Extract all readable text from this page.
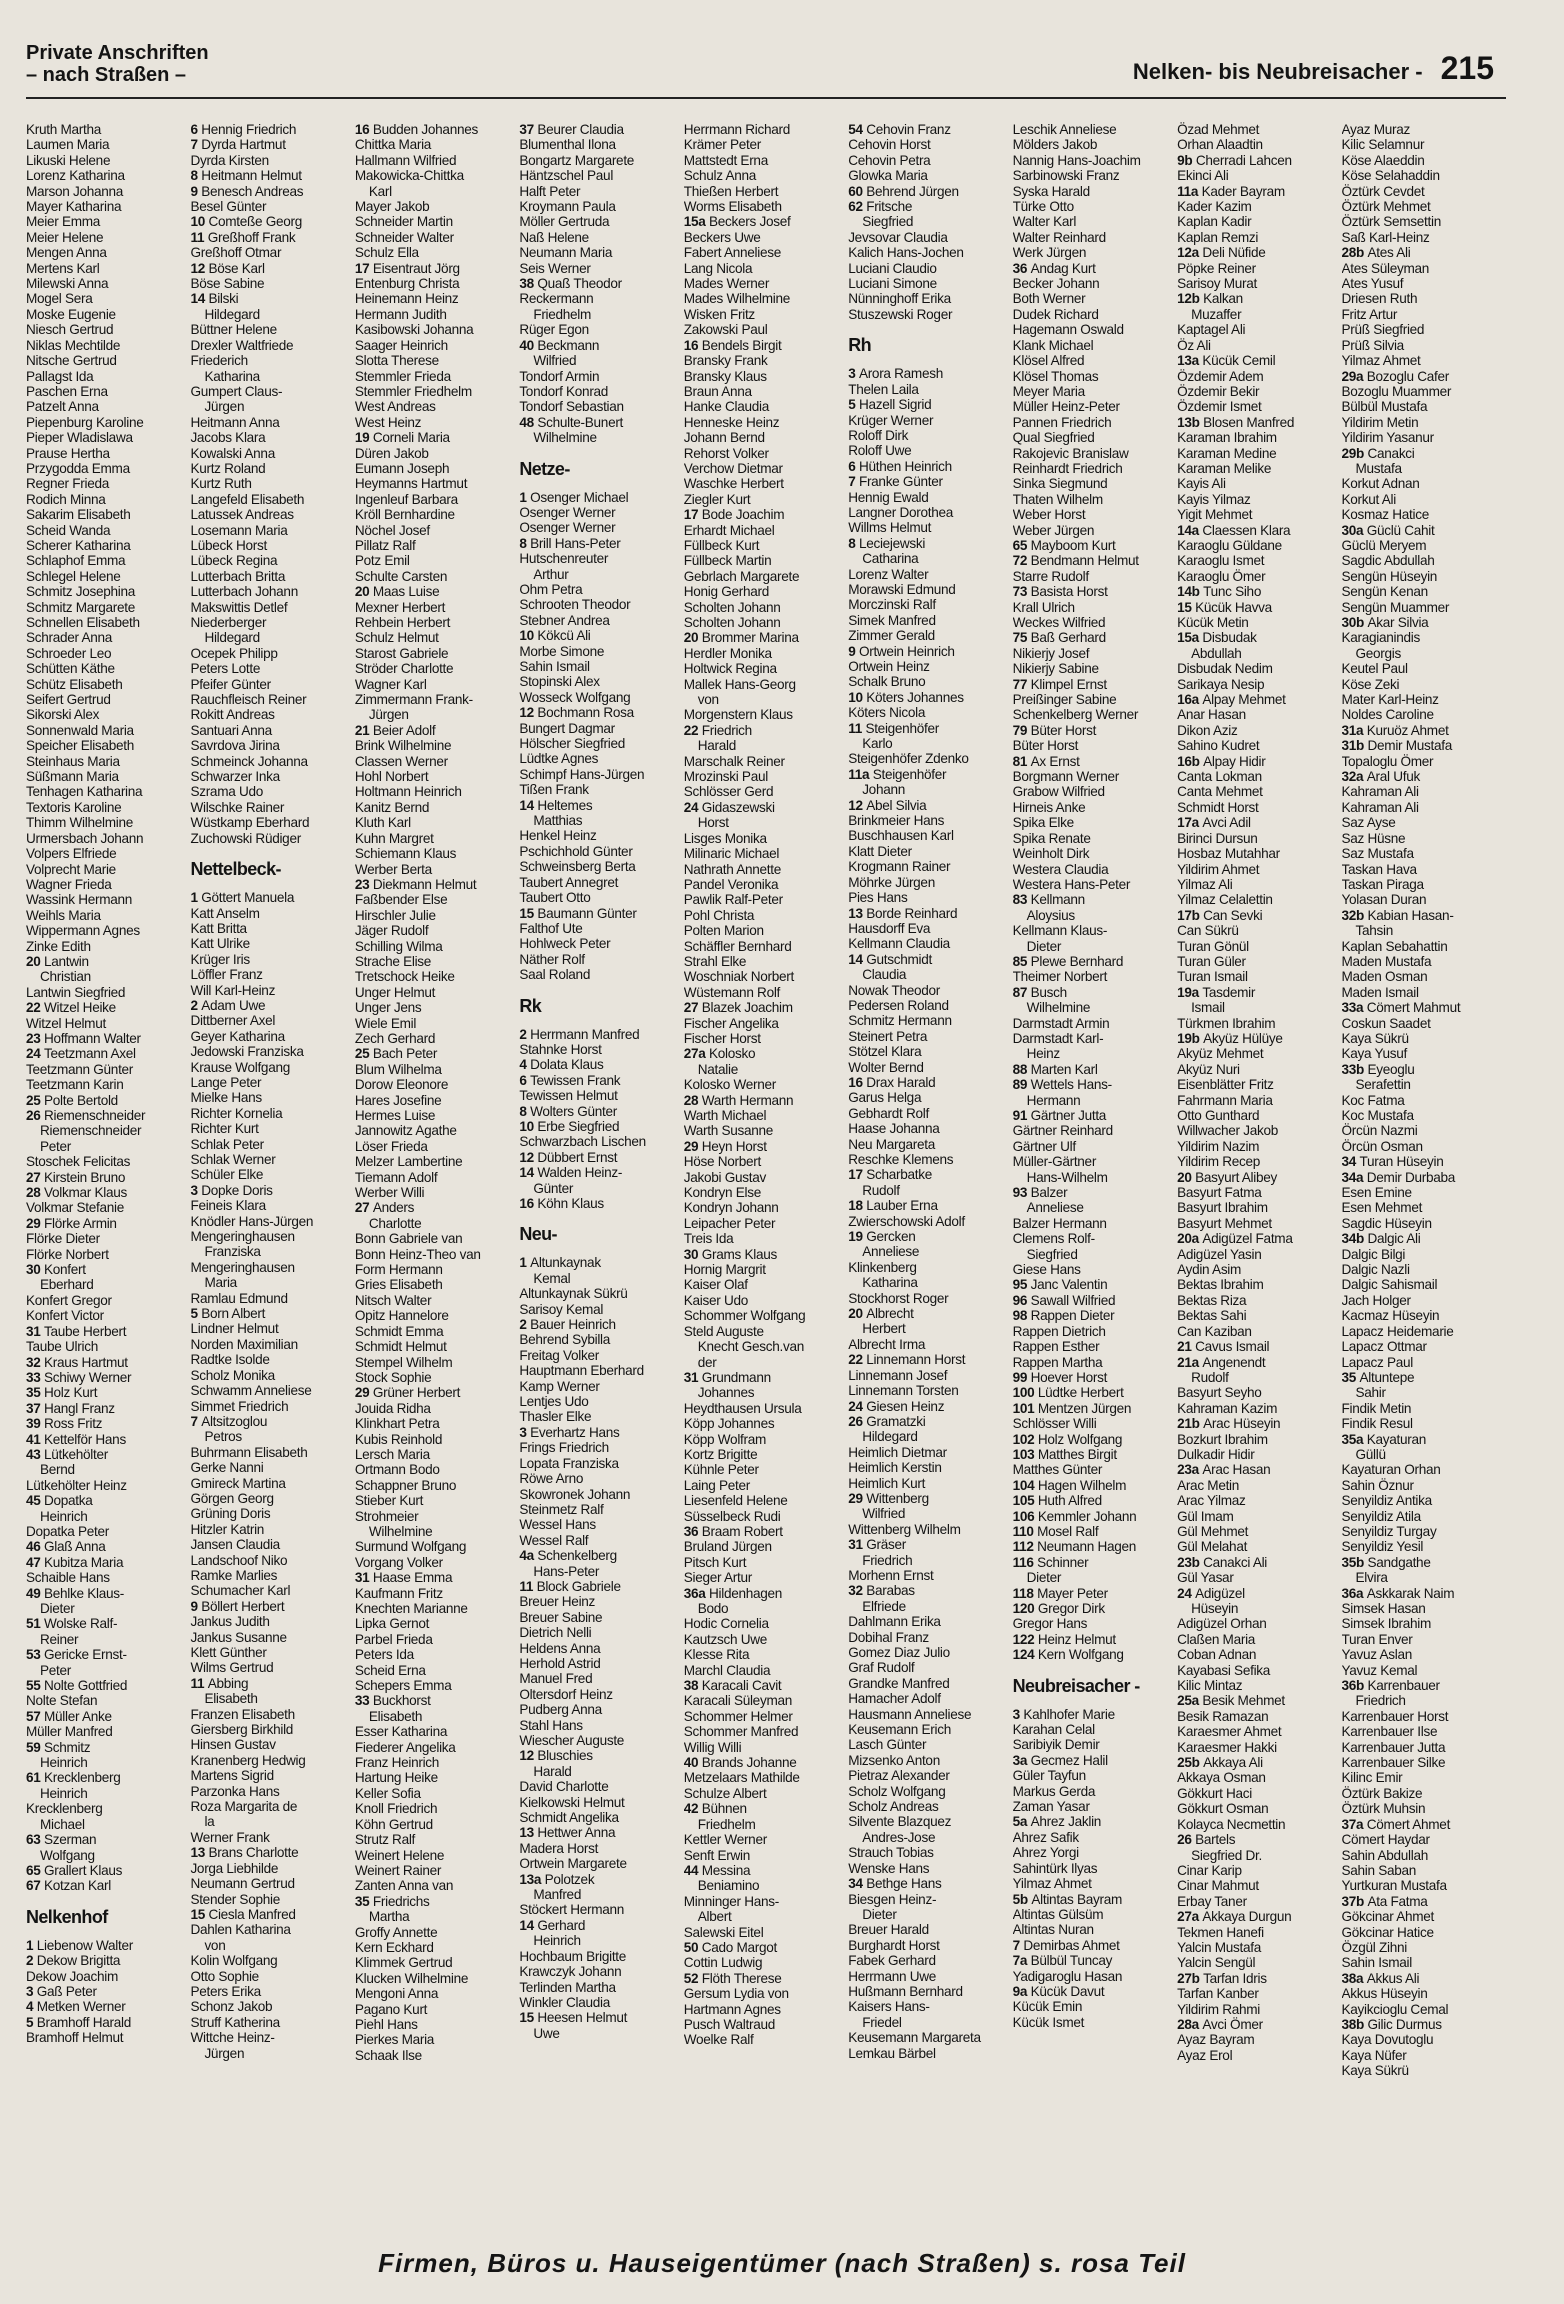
Private Anschriften
– nach Straßen –	Nelken- bis Neubreisacher - 215
Kruth Martha
Laumen Maria
Likuski Helene
Lorenz Katharina
Marson Johanna
Mayer Katharina
Meier Emma
Meier Helene
Mengen Anna
Mertens Karl
Milewski Anna
Mogel Sera
Moske Eugenie
Niesch Gertrud
Niklas Mechtilde
Nitsche Gertrud
Pallagst Ida
Paschen Erna
Patzelt Anna
Piepenburg Karoline
Pieper Wladislawa
Prause Hertha
Przygodda Emma
Regner Frieda
Rodich Minna
Sakarim Elisabeth
Scheid Wanda
Scherer Katharina
Schlaphof Emma
Schlegel Helene
Schmitz Josephina
Schmitz Margarete
Schnellen Elisabeth
Schrader Anna
Schroeder Leo
Schütten Käthe
Schütz Elisabeth
Seifert Gertrud
Sikorski Alex
Sonnenwald Maria
Speicher Elisabeth
Steinhaus Maria
Süßmann Maria
Tenhagen Katharina
Textoris Karoline
Thimm Wilhelmine
Urmersbach Johann
Volpers Elfriede
Volprecht Marie
Wagner Frieda
Wassink Hermann
Weihls Maria
Wippermann Agnes
Zinke Edith
20 Lantwin
Christian
Lantwin Siegfried
22 Witzel Heike
Witzel Helmut
23 Hoffmann Walter
24 Teetzmann Axel
Teetzmann Günter
Teetzmann Karin
25 Polte Bertold
26 Riemenschneider
Riemenschneider
Peter
Stoschek Felicitas
27 Kirstein Bruno
28 Volkmar Klaus
Volkmar Stefanie
29 Flörke Armin
Flörke Dieter
Flörke Norbert
30 Konfert
Eberhard
Konfert Gregor
Konfert Victor
31 Taube Herbert
Taube Ulrich
32 Kraus Hartmut
33 Schiwy Werner
35 Holz Kurt
37 Hangl Franz
39 Ross Fritz
41 Kettelför Hans
43 Lütkehölter
Bernd
Lütkehölter Heinz
45 Dopatka
Heinrich
Dopatka Peter
46 Glaß Anna
47 Kubitza Maria
Schaible Hans
49 Behlke Klaus-
Dieter
51 Wolske Ralf-
Reiner
53 Gericke Ernst-
Peter
55 Nolte Gottfried
Nolte Stefan
57 Müller Anke
Müller Manfred
59 Schmitz
Heinrich
61 Krecklenberg
Heinrich
Krecklenberg
Michael
63 Szerman
Wolfgang
65 Grallert Klaus
67 Kotzan Karl
Nelkenhof
1 Liebenow Walter
2 Dekow Brigitta
Dekow Joachim
3 Gaß Peter
4 Metken Werner
5 Bramhoff Harald
Bramhoff Helmut
6 Hennig Friedrich
7 Dyrda Hartmut
Dyrda Kirsten
8 Heitmann Helmut
9 Benesch Andreas
Besel Günter
10 Comteße Georg
11 Greßhoff Frank
Greßhoff Otmar
12 Böse Karl
Böse Sabine
14 Bilski
Hildegard
Büttner Helene
Drexler Waltfriede
Friederich
Katharina
Gumpert Claus-
Jürgen
Heitmann Anna
Jacobs Klara
Kowalski Anna
Kurtz Roland
Kurtz Ruth
Langefeld Elisabeth
Latussek Andreas
Losemann Maria
Lübeck Horst
Lübeck Regina
Lutterbach Britta
Lutterbach Johann
Makswittis Detlef
Niederberger
Hildegard
Ocepek Philipp
Peters Lotte
Pfeifer Günter
Rauchfleisch Reiner
Rokitt Andreas
Santuari Anna
Savrdova Jirina
Schmeinck Johanna
Schwarzer Inka
Szrama Udo
Wilschke Rainer
Wüstkamp Eberhard
Zuchowski Rüdiger
Nettelbeck-
1 Göttert Manuela
Katt Anselm
Katt Britta
Katt Ulrike
Krüger Iris
Löffler Franz
Will Karl-Heinz
2 Adam Uwe
Dittberner Axel
Geyer Katharina
Jedowski Franziska
Krause Wolfgang
Lange Peter
Mielke Hans
Richter Kornelia
Richter Kurt
Schlak Peter
Schlak Werner
Schüler Elke
3 Dopke Doris
Feineis Klara
Knödler Hans-Jürgen
Mengeringhausen
Franziska
Mengeringhausen
Maria
Ramlau Edmund
5 Born Albert
Lindner Helmut
Norden Maximilian
Radtke Isolde
Scholz Monika
Schwamm Anneliese
Simmet Friedrich
7 Altsitzoglou
Petros
Buhrmann Elisabeth
Gerke Nanni
Gmireck Martina
Görgen Georg
Grüning Doris
Hitzler Katrin
Jansen Claudia
Landschoof Niko
Ramke Marlies
Schumacher Karl
9 Böllert Herbert
Jankus Judith
Jankus Susanne
Klett Günther
Wilms Gertrud
11 Abbing
Elisabeth
Franzen Elisabeth
Giersberg Birkhild
Hinsen Gustav
Kranenberg Hedwig
Martens Sigrid
Parzonka Hans
Roza Margarita de
la
Werner Frank
13 Brans Charlotte
Jorga Liebhilde
Neumann Gertrud
Stender Sophie
15 Ciesla Manfred
Dahlen Katharina
von
Kolin Wolfgang
Otto Sophie
Peters Erika
Schonz Jakob
Struff Katherina
Wittche Heinz-
Jürgen
16 Budden Johannes
Chittka Maria
Hallmann Wilfried
Makowicka-Chittka
Karl
Mayer Jakob
Schneider Martin
Schneider Walter
Schulz Ella
17 Eisentraut Jörg
Entenburg Christa
Heinemann Heinz
Hermann Judith
Kasibowski Johanna
Saager Heinrich
Slotta Therese
Stemmler Frieda
Stemmler Friedhelm
West Andreas
West Heinz
19 Corneli Maria
Düren Jakob
Eumann Joseph
Heymanns Hartmut
Ingenleuf Barbara
Kröll Bernhardine
Nöchel Josef
Pillatz Ralf
Potz Emil
Schulte Carsten
20 Maas Luise
Mexner Herbert
Rehbein Herbert
Schulz Helmut
Starost Gabriele
Ströder Charlotte
Wagner Karl
Zimmermann Frank-
Jürgen
21 Beier Adolf
Brink Wilhelmine
Classen Werner
Hohl Norbert
Holtmann Heinrich
Kanitz Bernd
Kluth Karl
Kuhn Margret
Schiemann Klaus
Werber Berta
23 Diekmann Helmut
Faßbender Else
Hirschler Julie
Jäger Rudolf
Schilling Wilma
Strache Elise
Tretschock Heike
Unger Helmut
Unger Jens
Wiele Emil
Zech Gerhard
25 Bach Peter
Blum Wilhelma
Dorow Eleonore
Hares Josefine
Hermes Luise
Jannowitz Agathe
Löser Frieda
Melzer Lambertine
Tiemann Adolf
Werber Willi
27 Anders
Charlotte
Bonn Gabriele van
Bonn Heinz-Theo van
Form Hermann
Gries Elisabeth
Nitsch Walter
Opitz Hannelore
Schmidt Emma
Schmidt Helmut
Stempel Wilhelm
Stock Sophie
29 Grüner Herbert
Jouida Ridha
Klinkhart Petra
Kubis Reinhold
Lersch Maria
Ortmann Bodo
Schappner Bruno
Stieber Kurt
Strohmeier
Wilhelmine
Surmund Wolfgang
Vorgang Volker
31 Haase Emma
Kaufmann Fritz
Knechten Marianne
Lipka Gernot
Parbel Frieda
Peters Ida
Scheid Erna
Schepers Emma
33 Buckhorst
Elisabeth
Esser Katharina
Fiederer Angelika
Franz Heinrich
Hartung Heike
Keller Sofia
Knoll Friedrich
Köhn Gertrud
Strutz Ralf
Weinert Helene
Weinert Rainer
Zanten Anna van
35 Friedrichs
Martha
Groffy Annette
Kern Eckhard
Klimmek Gertrud
Klucken Wilhelmine
Mengoni Anna
Pagano Kurt
Piehl Hans
Pierkes Maria
Schaak Ilse
37 Beurer Claudia
Blumenthal Ilona
Bongartz Margarete
Häntzschel Paul
Halft Peter
Kroymann Paula
Möller Gertruda
Naß Helene
Neumann Maria
Seis Werner
38 Quaß Theodor
Reckermann
Friedhelm
Rüger Egon
40 Beckmann
Wilfried
Tondorf Armin
Tondorf Konrad
Tondorf Sebastian
48 Schulte-Bunert
Wilhelmine
Netze-
1 Osenger Michael
Osenger Werner
Osenger Werner
8 Brill Hans-Peter
Hutschenreuter
Arthur
Ohm Petra
Schrooten Theodor
Stebner Andrea
10 Kökcü Ali
Morbe Simone
Sahin Ismail
Stopinski Alex
Wosseck Wolfgang
12 Bochmann Rosa
Bungert Dagmar
Hölscher Siegfried
Lüdtke Agnes
Schimpf Hans-Jürgen
Tißen Frank
14 Heltemes
Matthias
Henkel Heinz
Pschichhold Günter
Schweinsberg Berta
Taubert Annegret
Taubert Otto
15 Baumann Günter
Falthof Ute
Hohlweck Peter
Näther Rolf
Saal Roland
Rk
2 Herrmann Manfred
Stahnke Horst
4 Dolata Klaus
6 Tewissen Frank
Tewissen Helmut
8 Wolters Günter
10 Erbe Siegfried
Schwarzbach Lischen
12 Dübbert Ernst
14 Walden Heinz-
Günter
16 Köhn Klaus
Neu-
1 Altunkaynak
Kemal
Altunkaynak Sükrü
Sarisoy Kemal
2 Bauer Heinrich
Behrend Sybilla
Freitag Volker
Hauptmann Eberhard
Kamp Werner
Lentjes Udo
Thasler Elke
3 Everhartz Hans
Frings Friedrich
Lopata Franziska
Röwe Arno
Skowronek Johann
Steinmetz Ralf
Wessel Hans
Wessel Ralf
4a Schenkelberg
Hans-Peter
11 Block Gabriele
Breuer Heinz
Breuer Sabine
Dietrich Nelli
Heldens Anna
Herhold Astrid
Manuel Fred
Oltersdorf Heinz
Pudberg Anna
Stahl Hans
Wiescher Auguste
12 Bluschies
Harald
David Charlotte
Kielkowski Helmut
Schmidt Angelika
13 Hettwer Anna
Madera Horst
Ortwein Margarete
13a Polotzek
Manfred
Stöckert Hermann
14 Gerhard
Heinrich
Hochbaum Brigitte
Krawczyk Johann
Terlinden Martha
Winkler Claudia
15 Heesen Helmut
Uwe
Herrmann Richard
Krämer Peter
Mattstedt Erna
Schulz Anna
Thießen Herbert
Worms Elisabeth
15a Beckers Josef
Beckers Uwe
Fabert Anneliese
Lang Nicola
Mades Werner
Mades Wilhelmine
Wisken Fritz
Zakowski Paul
16 Bendels Birgit
Bransky Frank
Bransky Klaus
Braun Anna
Hanke Claudia
Henneske Heinz
Johann Bernd
Rehorst Volker
Verchow Dietmar
Waschke Herbert
Ziegler Kurt
17 Bode Joachim
Erhardt Michael
Füllbeck Kurt
Füllbeck Martin
Gebrlach Margarete
Honig Gerhard
Scholten Johann
Scholten Johann
20 Brommer Marina
Herdler Monika
Holtwick Regina
Mallek Hans-Georg
von
Morgenstern Klaus
22 Friedrich
Harald
Marschalk Reiner
Mrozinski Paul
Schlösser Gerd
24 Gidaszewski
Horst
Lisges Monika
Milinaric Michael
Nathrath Annette
Pandel Veronika
Pawlik Ralf-Peter
Pohl Christa
Polten Marion
Schäffler Bernhard
Strahl Elke
Woschniak Norbert
Wüstemann Rolf
27 Blazek Joachim
Fischer Angelika
Fischer Horst
27a Kolosko
Natalie
Kolosko Werner
28 Warth Hermann
Warth Michael
Warth Susanne
29 Heyn Horst
Höse Norbert
Jakobi Gustav
Kondryn Else
Kondryn Johann
Leipacher Peter
Treis Ida
30 Grams Klaus
Hornig Margrit
Kaiser Olaf
Kaiser Udo
Schommer Wolfgang
Steld Auguste
Knecht Gesch.van
der
31 Grundmann
Johannes
Heydthausen Ursula
Köpp Johannes
Köpp Wolfram
Kortz Brigitte
Kühnle Peter
Laing Peter
Liesenfeld Helene
Süsselbeck Rudi
36 Braam Robert
Bruland Jürgen
Pitsch Kurt
Sieger Artur
36a Hildenhagen
Bodo
Hodic Cornelia
Kautzsch Uwe
Klesse Rita
Marchl Claudia
38 Karacali Cavit
Karacali Süleyman
Schommer Helmer
Schommer Manfred
Willig Willi
40 Brands Johanne
Metzelaars Mathilde
Schulze Albert
42 Bühnen
Friedhelm
Kettler Werner
Senft Erwin
44 Messina
Beniamino
Minninger Hans-
Albert
Salewski Eitel
50 Cado Margot
Cottin Ludwig
52 Flöth Therese
Gersum Lydia von
Hartmann Agnes
Pusch Waltraud
Woelke Ralf
54 Cehovin Franz
Cehovin Horst
Cehovin Petra
Glowka Maria
60 Behrend Jürgen
62 Fritsche
Siegfried
Jevsovar Claudia
Kalich Hans-Jochen
Luciani Claudio
Luciani Simone
Nünninghoff Erika
Stuszewski Roger
Rh
3 Arora Ramesh
Thelen Laila
5 Hazell Sigrid
Krüger Werner
Roloff Dirk
Roloff Uwe
6 Hüthen Heinrich
7 Franke Günter
Hennig Ewald
Langner Dorothea
Willms Helmut
8 Leciejewski
Catharina
Lorenz Walter
Morawski Edmund
Morczinski Ralf
Simek Manfred
Zimmer Gerald
9 Ortwein Heinrich
Ortwein Heinz
Schalk Bruno
10 Köters Johannes
Köters Nicola
11 Steigenhöfer
Karlo
Steigenhöfer Zdenko
11a Steigenhöfer
Johann
12 Abel Silvia
Brinkmeier Hans
Buschhausen Karl
Klatt Dieter
Krogmann Rainer
Möhrke Jürgen
Pies Hans
13 Borde Reinhard
Hausdorff Eva
Kellmann Claudia
14 Gutschmidt
Claudia
Nowak Theodor
Pedersen Roland
Schmitz Hermann
Steinert Petra
Stötzel Klara
Wolter Bernd
16 Drax Harald
Garus Helga
Gebhardt Rolf
Haase Johanna
Neu Margareta
Reschke Klemens
17 Scharbatke
Rudolf
18 Lauber Erna
Zwierschowski Adolf
19 Gercken
Anneliese
Klinkenberg
Katharina
Stockhorst Roger
20 Albrecht
Herbert
Albrecht Irma
22 Linnemann Horst
Linnemann Josef
Linnemann Torsten
24 Giesen Heinz
26 Gramatzki
Hildegard
Heimlich Dietmar
Heimlich Kerstin
Heimlich Kurt
29 Wittenberg
Wilfried
Wittenberg Wilhelm
31 Gräser
Friedrich
Morhenn Ernst
32 Barabas
Elfriede
Dahlmann Erika
Dobihal Franz
Gomez Diaz Julio
Graf Rudolf
Grandke Manfred
Hamacher Adolf
Hausmann Anneliese
Keusemann Erich
Lasch Günter
Mizsenko Anton
Pietraz Alexander
Scholz Wolfgang
Scholz Andreas
Silvente Blazquez
Andres-Jose
Strauch Tobias
Wenske Hans
34 Bethge Hans
Biesgen Heinz-
Dieter
Breuer Harald
Burghardt Horst
Fabek Gerhard
Herrmann Uwe
Hußmann Bernhard
Kaisers Hans-
Friedel
Keusemann Margareta
Lemkau Bärbel
Leschik Anneliese
Mölders Jakob
Nannig Hans-Joachim
Sarbinowski Franz
Syska Harald
Türke Otto
Walter Karl
Walter Reinhard
Werk Jürgen
36 Andag Kurt
Becker Johann
Both Werner
Dudek Richard
Hagemann Oswald
Klank Michael
Klösel Alfred
Klösel Thomas
Meyer Maria
Müller Heinz-Peter
Pannen Friedrich
Qual Siegfried
Rakojevic Branislaw
Reinhardt Friedrich
Sinka Siegmund
Thaten Wilhelm
Weber Horst
Weber Jürgen
65 Mayboom Kurt
72 Bendmann Helmut
Starre Rudolf
73 Basista Horst
Krall Ulrich
Weckes Wilfried
75 Baß Gerhard
Nikierjy Josef
Nikierjy Sabine
77 Klimpel Ernst
Preißinger Sabine
Schenkelberg Werner
79 Büter Horst
Büter Horst
81 Ax Ernst
Borgmann Werner
Grabow Wilfried
Hirneis Anke
Spika Elke
Spika Renate
Weinholt Dirk
Westera Claudia
Westera Hans-Peter
83 Kellmann
Aloysius
Kellmann Klaus-
Dieter
85 Plewe Bernhard
Theimer Norbert
87 Busch
Wilhelmine
Darmstadt Armin
Darmstadt Karl-
Heinz
88 Marten Karl
89 Wettels Hans-
Hermann
91 Gärtner Jutta
Gärtner Reinhard
Gärtner Ulf
Müller-Gärtner
Hans-Wilhelm
93 Balzer
Anneliese
Balzer Hermann
Clemens Rolf-
Siegfried
Giese Hans
95 Janc Valentin
96 Sawall Wilfried
98 Rappen Dieter
Rappen Dietrich
Rappen Esther
Rappen Martha
99 Hoever Horst
100 Lüdtke Herbert
101 Mentzen Jürgen
Schlösser Willi
102 Holz Wolfgang
103 Matthes Birgit
Matthes Günter
104 Hagen Wilhelm
105 Huth Alfred
106 Kemmler Johann
110 Mosel Ralf
112 Neumann Hagen
116 Schinner
Dieter
118 Mayer Peter
120 Gregor Dirk
Gregor Hans
122 Heinz Helmut
124 Kern Wolfgang
Neubreisacher -
3 Kahlhofer Marie
Karahan Celal
Saribiyik Demir
3a Gecmez Halil
Güler Tayfun
Markus Gerda
Zaman Yasar
5a Ahrez Jaklin
Ahrez Safik
Ahrez Yorgi
Sahintürk Ilyas
Yilmaz Ahmet
5b Altintas Bayram
Altintas Gülsüm
Altintas Nuran
7 Demirbas Ahmet
7a Bülbül Tuncay
Yadigaroglu Hasan
9a Kücük Davut
Kücük Emin
Kücük Ismet
Özad Mehmet
Orhan Alaadtin
9b Cherradi Lahcen
Ekinci Ali
11a Kader Bayram
Kader Kazim
Kaplan Kadir
Kaplan Remzi
12a Deli Nüfide
Pöpke Reiner
Sarisoy Murat
12b Kalkan
Muzaffer
Kaptagel Ali
Öz Ali
13a Kücük Cemil
Özdemir Adem
Özdemir Bekir
Özdemir Ismet
13b Blosen Manfred
Karaman Ibrahim
Karaman Medine
Karaman Melike
Kayis Ali
Kayis Yilmaz
Yigit Mehmet
14a Claessen Klara
Karaoglu Güldane
Karaoglu Ismet
Karaoglu Ömer
14b Tunc Siho
15 Kücük Havva
Kücük Metin
15a Disbudak
Abdullah
Disbudak Nedim
Sarikaya Nesip
16a Alpay Mehmet
Anar Hasan
Dikon Aziz
Sahino Kudret
16b Alpay Hidir
Canta Lokman
Canta Mehmet
Schmidt Horst
17a Avci Adil
Birinci Dursun
Hosbaz Mutahhar
Yildirim Ahmet
Yilmaz Ali
Yilmaz Celalettin
17b Can Sevki
Can Sükrü
Turan Gönül
Turan Güler
Turan Ismail
19a Tasdemir
Ismail
Türkmen Ibrahim
19b Akyüz Hülüye
Akyüz Mehmet
Akyüz Nuri
Eisenblätter Fritz
Fahrmann Maria
Otto Gunthard
Willwacher Jakob
Yildirim Nazim
Yildirim Recep
20 Basyurt Alibey
Basyurt Fatma
Basyurt Ibrahim
Basyurt Mehmet
20a Adigüzel Fatma
Adigüzel Yasin
Aydin Asim
Bektas Ibrahim
Bektas Riza
Bektas Sahi
Can Kaziban
21 Cavus Ismail
21a Angenendt
Rudolf
Basyurt Seyho
Kahraman Kazim
21b Arac Hüseyin
Bozkurt Ibrahim
Dulkadir Hidir
23a Arac Hasan
Arac Metin
Arac Yilmaz
Gül Imam
Gül Mehmet
Gül Melahat
23b Canakci Ali
Gül Yasar
24 Adigüzel
Hüseyin
Adigüzel Orhan
Claßen Maria
Coban Adnan
Kayabasi Sefika
Kilic Mintaz
25a Besik Mehmet
Besik Ramazan
Karaesmer Ahmet
Karaesmer Hakki
25b Akkaya Ali
Akkaya Osman
Gökkurt Haci
Gökkurt Osman
Kolayca Necmettin
26 Bartels
Siegfried Dr.
Cinar Karip
Cinar Mahmut
Erbay Taner
27a Akkaya Durgun
Tekmen Hanefi
Yalcin Mustafa
Yalcin Sengül
27b Tarfan Idris
Tarfan Kanber
Yildirim Rahmi
28a Avci Ömer
Ayaz Bayram
Ayaz Erol
Ayaz Muraz
Kilic Selamnur
Köse Alaeddin
Köse Selahaddin
Öztürk Cevdet
Öztürk Mehmet
Öztürk Semsettin
Saß Karl-Heinz
28b Ates Ali
Ates Süleyman
Ates Yusuf
Driesen Ruth
Fritz Artur
Prüß Siegfried
Prüß Silvia
Yilmaz Ahmet
29a Bozoglu Cafer
Bozoglu Muammer
Bülbül Mustafa
Yildirim Metin
Yildirim Yasanur
29b Canakci
Mustafa
Korkut Adnan
Korkut Ali
Kosmaz Hatice
30a Güclü Cahit
Güclü Meryem
Sagdic Abdullah
Sengün Hüseyin
Sengün Kenan
Sengün Muammer
30b Akar Silvia
Karagianindis
Georgis
Keutel Paul
Köse Zeki
Mater Karl-Heinz
Noldes Caroline
31a Kuruöz Ahmet
31b Demir Mustafa
Topaloglu Ömer
32a Aral Ufuk
Kahraman Ali
Kahraman Ali
Saz Ayse
Saz Hüsne
Saz Mustafa
Taskan Hava
Taskan Piraga
Yolasan Duran
32b Kabian Hasan-
Tahsin
Kaplan Sebahattin
Maden Mustafa
Maden Osman
Maden Ismail
33a Cömert Mahmut
Coskun Saadet
Kaya Sükrü
Kaya Yusuf
33b Eyeoglu
Serafettin
Koc Fatma
Koc Mustafa
Örcün Nazmi
Örcün Osman
34 Turan Hüseyin
34a Demir Durbaba
Esen Emine
Esen Mehmet
Sagdic Hüseyin
34b Dalgic Ali
Dalgic Bilgi
Dalgic Nazli
Dalgic Sahismail
Jach Holger
Kacmaz Hüseyin
Lapacz Heidemarie
Lapacz Ottmar
Lapacz Paul
35 Altuntepe
Sahir
Findik Metin
Findik Resul
35a Kayaturan
Güllü
Kayaturan Orhan
Sahin Öznur
Senyildiz Antika
Senyildiz Atila
Senyildiz Turgay
Senyildiz Yesil
35b Sandgathe
Elvira
36a Askkarak Naim
Simsek Hasan
Simsek Ibrahim
Turan Enver
Yavuz Aslan
Yavuz Kemal
36b Karrenbauer
Friedrich
Karrenbauer Horst
Karrenbauer Ilse
Karrenbauer Jutta
Karrenbauer Silke
Kilinc Emir
Öztürk Bakize
Öztürk Muhsin
37a Cömert Ahmet
Cömert Haydar
Sahin Abdullah
Sahin Saban
Yurtkuran Mustafa
37b Ata Fatma
Gökcinar Ahmet
Gökcinar Hatice
Özgül Zihni
Sahin Ismail
38a Akkus Ali
Akkus Hüseyin
Kayikcioglu Cemal
38b Gilic Durmus
Kaya Dovutoglu
Kaya Nüfer
Kaya Sükrü
Firmen, Büros u. Hauseigentümer (nach Straßen) s. rosa Teil
